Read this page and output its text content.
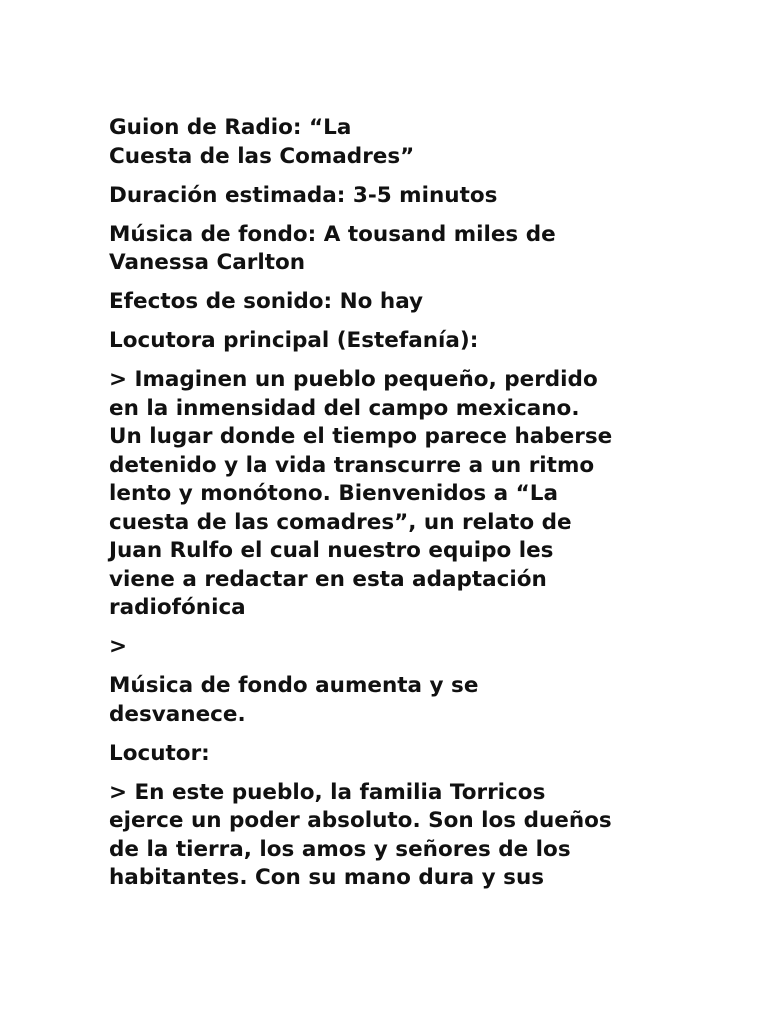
Guion de Radio: “La
Cuesta de las Comadres”

Duración estimada: 3-5 minutos

Música de fondo: A tousand miles de
Vanessa Carlton

Efectos de sonido: No hay

Locutora principal (Estefanía):

> Imaginen un pueblo pequeño, perdido
en la inmensidad del campo mexicano.
Un lugar donde el tiempo parece haberse
detenido y la vida transcurre a un ritmo
lento y monótono. Bienvenidos a “La
cuesta de las comadres”, un relato de
Juan Rulfo el cual nuestro equipo les
viene a redactar en esta adaptación
radiofónica

>

Música de fondo aumenta y se
desvanece.

Locutor:

> En este pueblo, la familia Torricos
ejerce un poder absoluto. Son los dueños
de la tierra, los amos y señores de los
habitantes. Con su mano dura y sus
